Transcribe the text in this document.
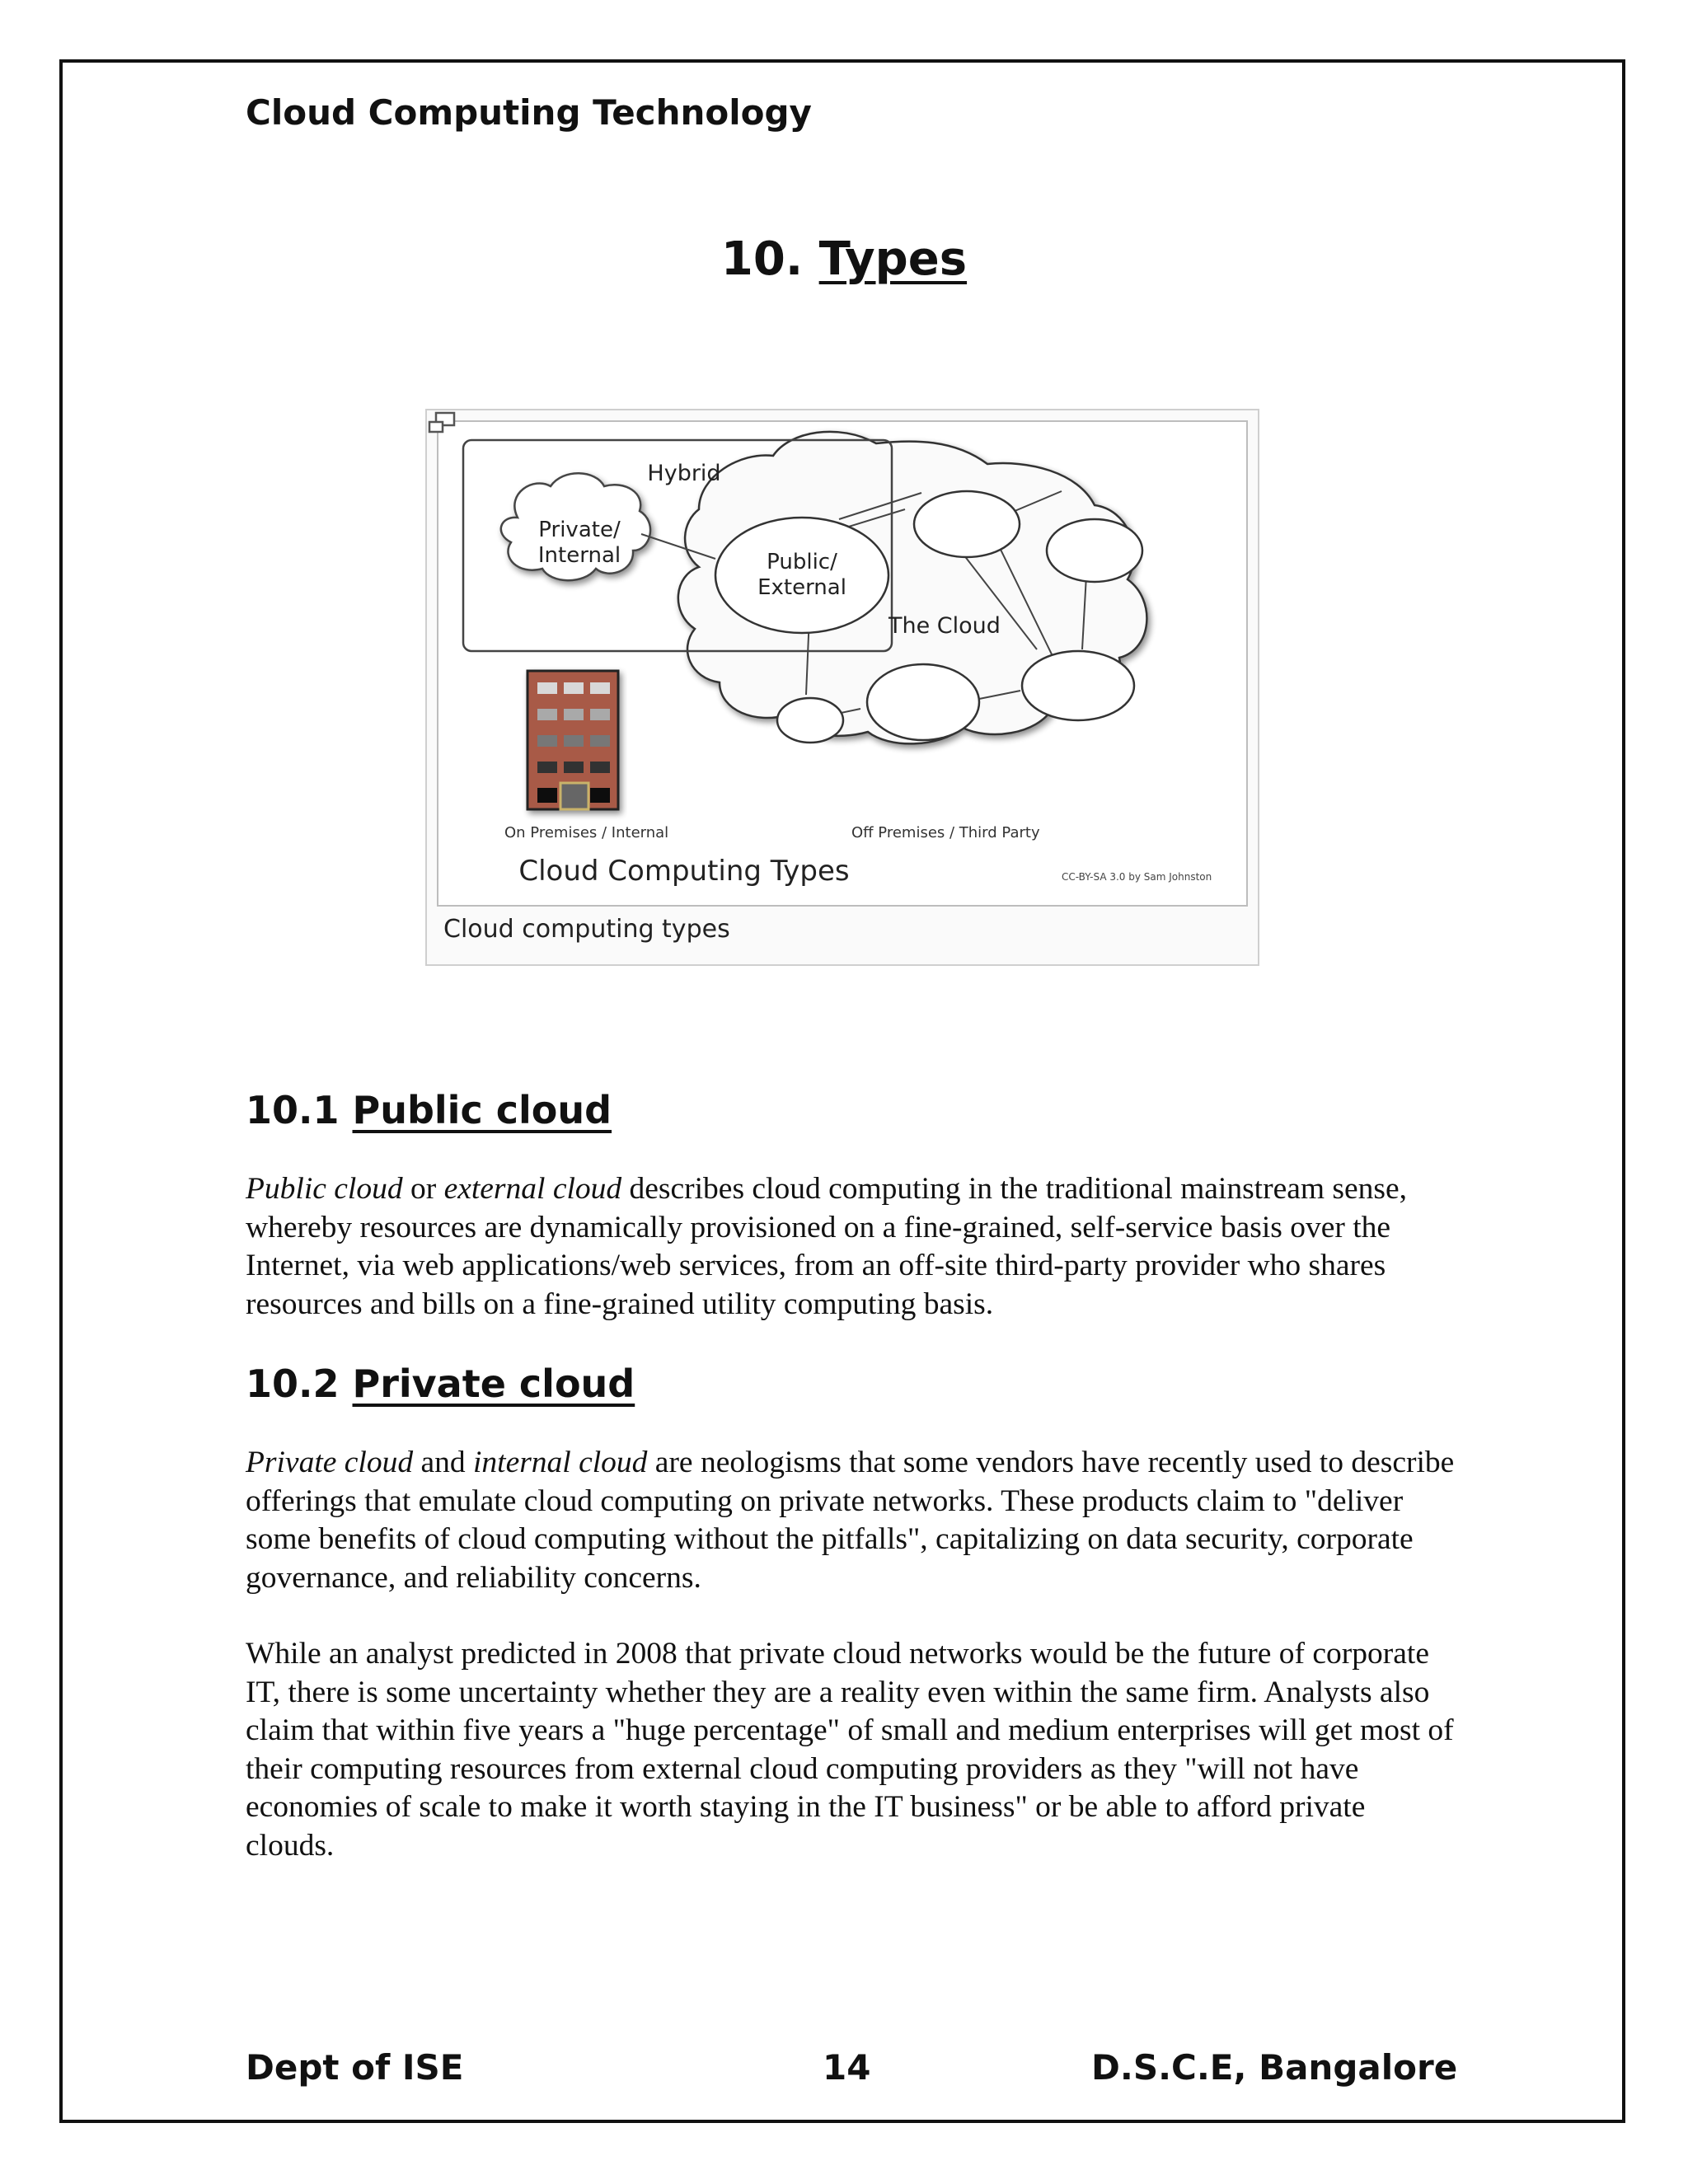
Cloud Computing Technology
10. Types
Hybrid
Private/
Internal	Public/
External
The Cloud
On Premises / Internal	Off Premises / Third Party
Cloud Computing Types	CC-BY-SA 3.0 by Sam Johnston
Cloud computing types
10.1 Public cloud
Public cloud or external cloud describes cloud computing in the traditional mainstream sense, whereby resources are dynamically provisioned on a fine-grained, self-service basis over the Internet, via web applications/web services, from an off-site third-party provider who shares resources and bills on a fine-grained utility computing basis.
10.2 Private cloud
Private cloud and internal cloud are neologisms that some vendors have recently used to describe offerings that emulate cloud computing on private networks. These products claim to "deliver some benefits of cloud computing without the pitfalls", capitalizing on data security, corporate governance, and reliability concerns.
While an analyst predicted in 2008 that private cloud networks would be the future of corporate IT, there is some uncertainty whether they are a reality even within the same firm. Analysts also claim that within five years a "huge percentage" of small and medium enterprises will get most of their computing resources from external cloud computing providers as they "will not have economies of scale to make it worth staying in the IT business" or be able to afford private clouds.
Dept of ISE	14	D.S.C.E, Bangalore
